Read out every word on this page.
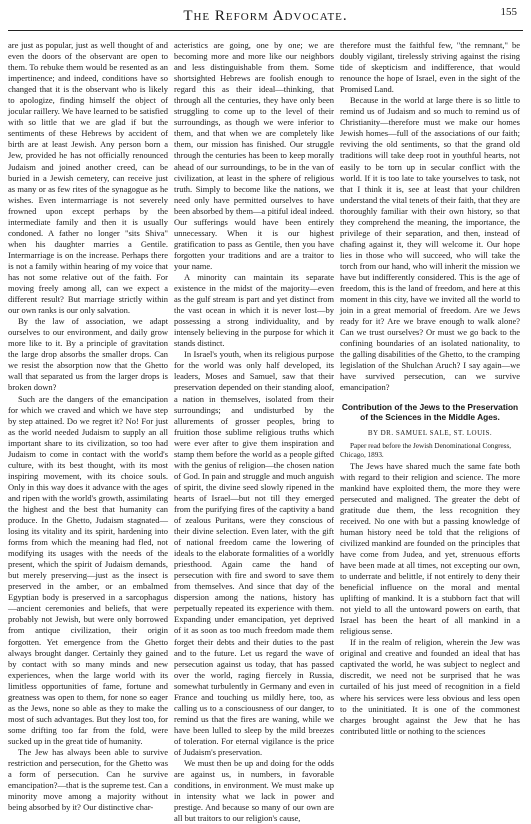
The Reform Advocate.	155

are just as popular, just as well thought of and even the doors of the observant are open to them. To rebuke them would be resented as an impertinence; and indeed, conditions have so changed that it is the observant who is likely to apologize, finding himself the object of jocular raillery. We have learned to be satisfied with so little that we are glad if but the sentiments of these Hebrews by accident of birth are at least Jewish. Any person born a Jew, provided he has not officially renounced Judaism and joined another creed, can be buried in a Jewish cemetery, can receive just as many or as few rites of the synagogue as he wishes. Even intermarriage is not severely frowned upon except perhaps by the intermediate family and then it is usually condoned. A father no longer "sits Shiva" when his daughter marries a Gentile. Intermarriage is on the increase. Perhaps there is not a family within hearing of my voice that has not some relative out of the faith. For moving freely among all, can we expect a different result? But marriage strictly within our own ranks is our only salvation.

By the law of association, we adapt ourselves to our environment, and daily grow more like to it. By a principle of gravitation the large drop absorbs the smaller drops. Can we resist the absorption now that the Ghetto wall that separated us from the larger drops is broken down?

Such are the dangers of the emancipation for which we craved and which we have step by step attained. Do we regret it? No! For just as the world needed Judaism to supply an all important share to its civilization, so too had Judaism to come in contact with the world's culture, with its best thought, with its most inspiring movement, with its choice souls. Only in this way does it advance with the ages and ripen with the world's growth, assimilating the highest and the best that humanity can produce. In the Ghetto, Judaism stagnated—losing its vitality and its spirit, hardening into forms from which the meaning had fled, not modifying its usages with the needs of the present, which the spirit of Judaism demands, but merely preserving—just as the insect is preserved in the amber, or an embalmed Egyptian body is preserved in a sarcophagus—ancient ceremonies and beliefs, that were probably not Jewish, but were only borrowed from antique civilization, their origin forgotten. Yet emergence from the Ghetto always brought danger. Certainly they gained by contact with so many minds and new experiences, when the large world with its limitless opportunities of fame, fortune and greatness was open to them, for none so eager as the Jews, none so able as they to make the most of such advantages. But they lost too, for some drifting too far from the fold, were sucked up in the great tide of humanity.

The Jew has always been able to survive restriction and persecution, for the Ghetto was a form of persecution. Can he survive emancipation?—that is the supreme test. Can a minority move among a majority without being absorbed by it? Our distinctive char-

acteristics are going, one by one; we are becoming more and more like our neighbors and less distinguishable from them. Some shortsighted Hebrews are foolish enough to regard this as their ideal—thinking, that through all the centuries, they have only been struggling to come up to the level of their surroundings, as though we were inferior to them, and that when we are completely like them, our mission has finished. Our struggle through the centuries has been to keep morally ahead of our surroundings, to be in the van of civilization, at least in the sphere of religious truth. Simply to become like the nations, we need only have permitted ourselves to have been absorbed by them—a pitiful ideal indeed. Our sufferings would have been entirely unnecessary. When it is our highest gratification to pass as Gentile, then you have forgotten your traditions and are a traitor to your name.

A minority can maintain its separate existence in the midst of the majority—even as the gulf stream is part and yet distinct from the vast ocean in which it is never lost—by possessing a strong individuality, and by intensely believing in the purpose for which it stands distinct.

In Israel's youth, when its religious purpose for the world was only half developed, its leaders, Moses and Samuel, saw that their preservation depended on their standing aloof, a nation in themselves, isolated from their surroundings; and undisturbed by the allurements of grosser peoples, bring to fruition those sublime religious truths which were ever after to give them inspiration and stamp them before the world as a people gifted with the genius of religion—the chosen nation of God. In pain and struggle and much anguish of spirit, the divine seed slowly ripened in the hearts of Israel—but not till they emerged from the purifying fires of the captivity a band of zealous Puritans, were they conscious of their divine selection. Even later, with the gift of national freedom came the lowering of ideals to the elaborate formalities of a worldly priesthood. Again came the hand of persecution with fire and sword to save them from themselves. And since that day of the dispersion among the nations, history has perpetually repeated its experience with them. Expanding under emancipation, yet deprived of it as soon as too much freedom made them forget their debts and their duties to the past and to the future. Let us regard the wave of persecution against us today, that has passed over the world, raging fiercely in Russia, somewhat turbulently in Germany and even in France and touching us mildly here, too, as calling us to a consciousness of our danger, to remind us that the fires are waning, while we have been lulled to sleep by the mild breezes of toleration. For eternal vigilance is the price of Judaism's preservation.

We must then be up and doing for the odds are against us, in numbers, in favorable conditions, in environment. We must make up in intensity what we lack in power and prestige. And because so many of our own are all but traitors to our religion's cause,

therefore must the faithful few, "the remnant," be doubly vigilant, tirelessly striving against the rising tide of skepticism and indifference, that would renounce the hope of Israel, even in the sight of the Promised Land.

Because in the world at large there is so little to remind us of Judaism and so much to remind us of Christianity—therefore must we make our homes Jewish homes—full of the associations of our faith; reviving the old sentiments, so that the grand old traditions will take deep root in youthful hearts, not easily to be torn up in secular conflict with the world. If it is too late to take yourselves to task, not that I think it is, see at least that your children understand the vital tenets of their faith, that they are thoroughly familiar with their own history, so that they comprehend the meaning, the importance, the privilege of their separation, and then, instead of chafing against it, they will welcome it. Our hope lies in those who will succeed, who will take the torch from our hand, who will inherit the mission we have but indifferently considered. This is the age of freedom, this is the land of freedom, and here at this moment in this city, have we invited all the world to join in a great memorial of freedom. Are we Jews ready for it? Are we brave enough to walk alone? Can we trust ourselves? Or must we go back to the confining boundaries of an isolated nationality, to the galling disabilities of the Ghetto, to the cramping legislation of the Shulchan Aruch? I say again—we have survived persecution, can we survive emancipation?

Contribution of the Jews to the Preservation of the Sciences in the Middle Ages.
BY DR. SAMUEL SALE, ST. LOUIS.

Paper read before the Jewish Denominational Congress, Chicago, 1893.

The Jews have shared much the same fate both with regard to their religion and science. The more mankind have exploited them, the more they were persecuted and maligned. The greater the debt of gratitude due them, the less recognition they received. No one with but a passing knowledge of human history need be told that the religions of civilized mankind are founded on the principles that have come from Judea, and yet, strenuous efforts have been made at all times, not excepting our own, to underrate and belittle, if not entirely to deny their beneficial influence on the moral and mental uplifting of mankind. It is a stubborn fact that will not yield to all the untoward powers on earth, that Israel has been the heart of all mankind in a religious sense.

If in the realm of religion, wherein the Jew was original and creative and founded an ideal that has captivated the world, he was subject to neglect and discredit, we need not be surprised that he was curtailed of his just meed of recognition in a field where his services were less obvious and less open to the uninitiated. It is one of the commonest charges brought against the Jew that he has contributed little or nothing to the sciences
